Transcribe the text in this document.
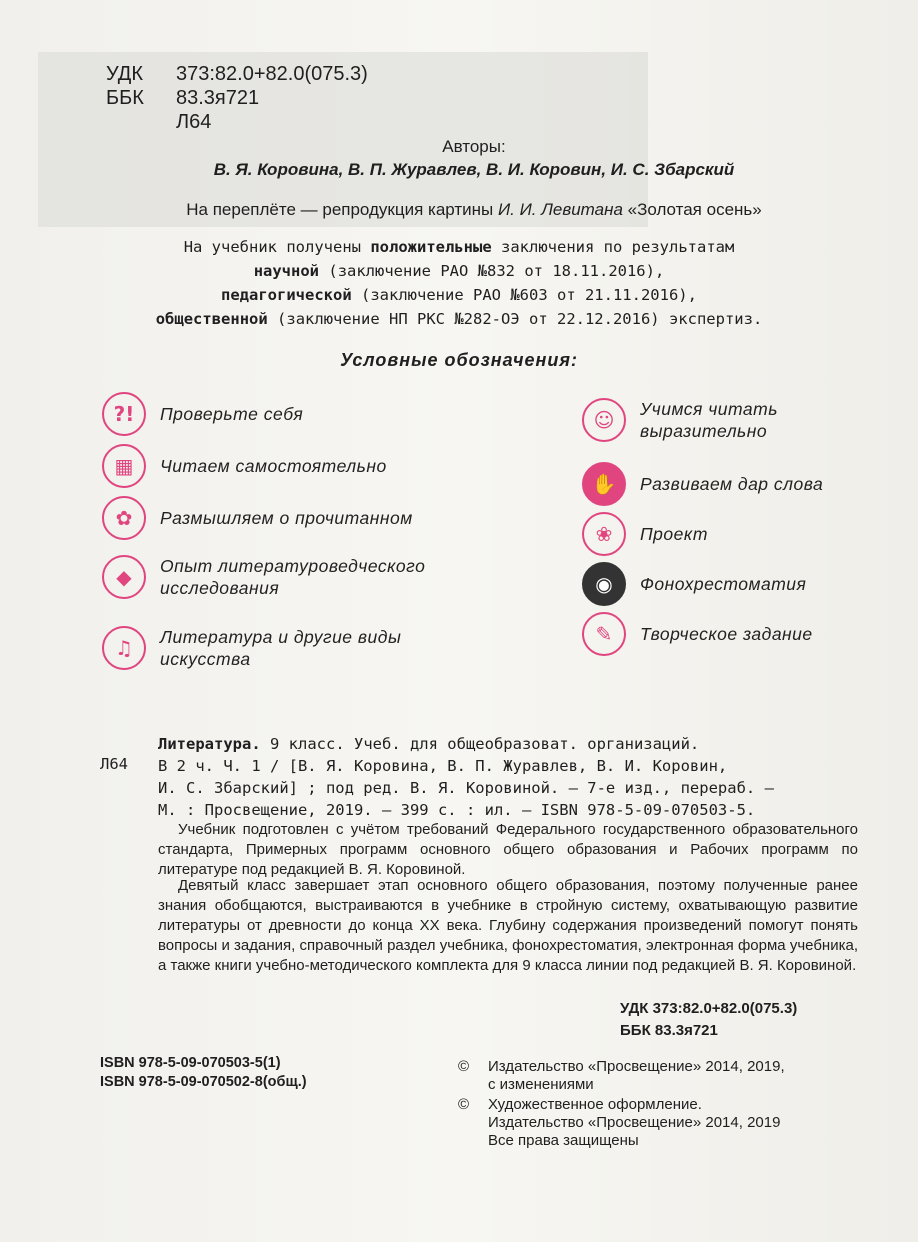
УДК 373:82.0+82.0(075.3)
ББК 83.3я721
Л64
Авторы:
В. Я. Коровина, В. П. Журавлев, В. И. Коровин, И. С. Збарский
На переплёте — репродукция картины И. И. Левитана «Золотая осень»
На учебник получены положительные заключения по результатам
научной (заключение РАО №832 от 18.11.2016),
педагогической (заключение РАО №603 от 21.11.2016),
общественной (заключение НП РКС №282-ОЭ от 22.12.2016) экспертиз.
Условные обозначения:
?!	Проверьте себя
▦	Читаем самостоятельно
✿	Размышляем о прочитанном
◆	Опыт литературоведческого
исследования
♫	Литература и другие виды
искусства
☺	Учимся читать
выразительно
✋	Развиваем дар слова
❀	Проект
◉	Фонохрестоматия
✎	Творческое задание
Л64
Литература. 9 класс. Учеб. для общеобразоват. организаций.
В 2 ч. Ч. 1 / [В. Я. Коровина, В. П. Журавлев, В. И. Коровин,
И. С. Збарский] ; под ред. В. Я. Коровиной. — 7-е изд., перераб. —
М. : Просвещение, 2019. — 399 с. : ил. — ISBN 978-5-09-070503-5.
Учебник подготовлен с учётом требований Федерального государственного образовательного стандарта, Примерных программ основного общего образования и Рабочих программ по литературе под редакцией В. Я. Коровиной.
Девятый класс завершает этап основного общего образования, поэтому полученные ранее знания обобщаются, выстраиваются в учебнике в стройную систему, охватывающую развитие литературы от древности до конца XX века. Глубину содержания произведений помогут понять вопросы и задания, справочный раздел учебника, фонохрестоматия, электронная форма учебника, а также книги учебно-методического комплекта для 9 класса линии под редакцией В. Я. Коровиной.
УДК 373:82.0+82.0(075.3)
ББК 83.3я721
ISBN 978-5-09-070503-5(1)
ISBN 978-5-09-070502-8(общ.)
©	Издательство «Просвещение» 2014, 2019,
с изменениями
©	Художественное оформление.
Издательство «Просвещение» 2014, 2019
Все права защищены
